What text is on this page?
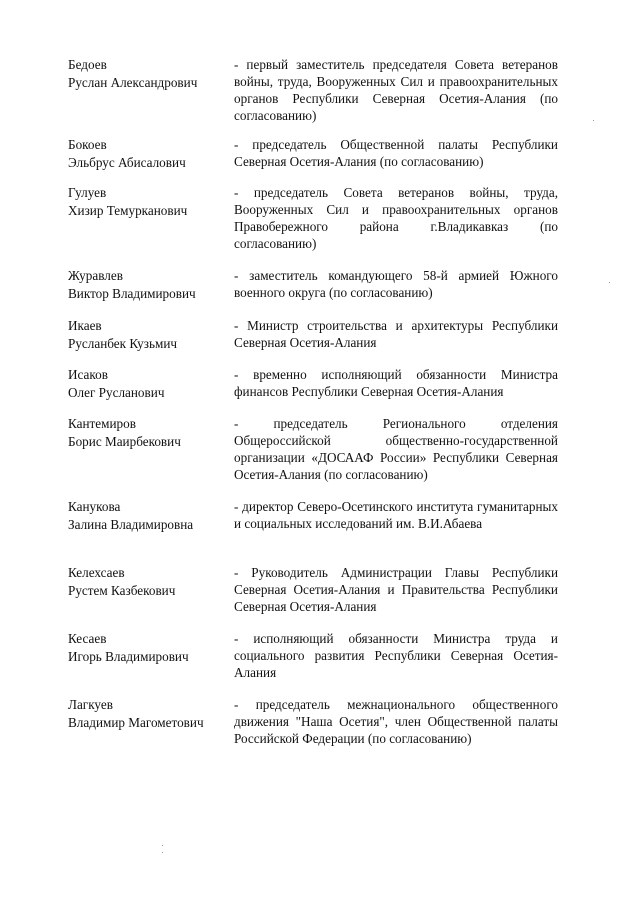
Бедоев
Руслан Александрович
- первый заместитель председателя Совета ветеранов войны, труда, Вооруженных Сил и правоохранительных органов Республики Северная Осетия-Алания (по согласованию)
Бокоев
Эльбрус Абисалович
- председатель Общественной палаты Республики Северная Осетия-Алания (по согласованию)
Гулуев
Хизир Темурканович
- председатель Совета ветеранов войны, труда, Вооруженных Сил и правоохранительных органов Правобережного района г.Владикавказ (по согласованию)
Журавлев
Виктор Владимирович
- заместитель командующего 58-й армией Южного военного округа (по согласованию)
Икаев
Русланбек Кузьмич
- Министр строительства и архитектуры Республики Северная Осетия-Алания
Исаков
Олег Русланович
- временно исполняющий обязанности Министра финансов Республики Северная Осетия-Алания
Кантемиров
Борис Маирбекович
- председатель Регионального отделения Общероссийской общественно-государственной организации «ДОСААФ России» Республики Северная Осетия-Алания (по согласованию)
Канукова
Залина Владимировна
- директор Северо-Осетинского института гуманитарных и социальных исследований им. В.И.Абаева
Келехсаев
Рустем Казбекович
- Руководитель Администрации Главы Республики Северная Осетия-Алания и Правительства Республики Северная Осетия-Алания
Кесаев
Игорь Владимирович
- исполняющий обязанности Министра труда и социального развития Республики Северная Осетия-Алания
Лагкуев
Владимир Магометович
- председатель межнационального общественного движения "Наша Осетия", член Общественной палаты Российской Федерации (по согласованию)
